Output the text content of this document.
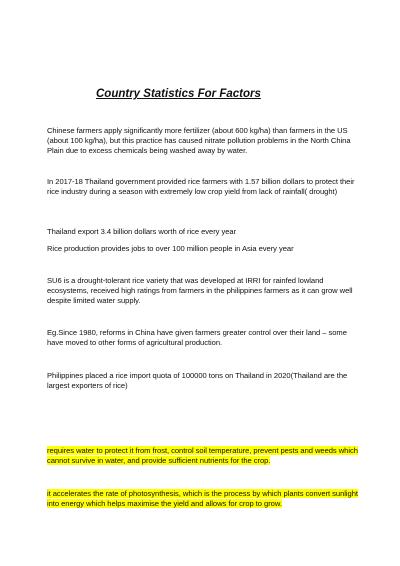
Country Statistics For Factors

Chinese farmers apply significantly more fertilizer (about 600 kg/ha) than farmers in the US (about 100 kg/ha), but this practice has caused nitrate pollution problems in the North China Plain due to excess chemicals being washed away by water.

In 2017-18 Thailand government provided rice farmers with 1.57 billion dollars to protect their rice industry during a season with extremely low crop yield from lack of rainfall( drought)

Thailand export 3.4 billion dollars worth of rice every year

Rice production provides jobs to over 100 million people in Asia every year

SU6 is a drought-tolerant rice variety that was developed at IRRI for rainfed lowland ecosystems, received high ratings from farmers in the philippines farmers as it can grow well despite limited water supply.

Eg.Since 1980, reforms in China have given farmers greater control over their land – some have moved to other forms of agricultural production.

Philippines placed a rice import quota of 100000 tons on Thailand in 2020(Thailand are the largest exporters of rice)

requires water to protect it from frost, control soil temperature, prevent pests and weeds which cannot survive in water, and provide sufficient nutrients for the crop.

it accelerates the rate of photosynthesis, which is the process by which plants convert sunlight into energy which helps maximise the yield and allows for crop to grow.
